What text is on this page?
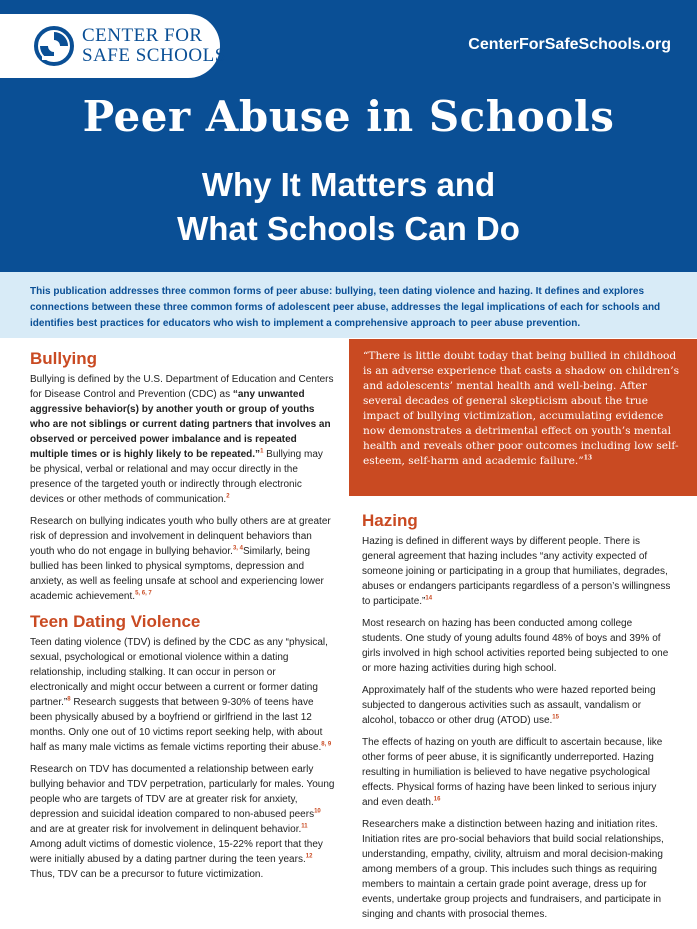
CENTER FOR
SAFE SCHOOLS
CenterForSafeSchools.org
Peer Abuse in Schools
Why It Matters and
What Schools Can Do
This publication addresses three common forms of peer abuse: bullying, teen dating violence and hazing. It defines and explores connections between these three common forms of adolescent peer abuse, addresses the legal implications of each for schools and identifies best practices for educators who wish to implement a comprehensive approach to peer abuse prevention.
Bullying

Bullying is defined by the U.S. Department of Education and Centers for Disease Control and Prevention (CDC) as “any unwanted aggressive behavior(s) by another youth or group of youths who are not siblings or current dating partners that involves an observed or perceived power imbalance and is repeated multiple times or is highly likely to be repeated.”$^1$ Bullying may be physical, verbal or relational and may occur directly in the presence of the targeted youth or indirectly through electronic devices or other methods of communication.$^2$

Research on bullying indicates youth who bully others are at greater risk of depression and involvement in delinquent behaviors than youth who do not engage in bullying behavior.$^{3, 4}$Similarly, being bullied has been linked to physical symptoms, depression and anxiety, as well as feeling unsafe at school and experiencing lower academic achievement.$^{5, 6, 7}$

Teen Dating Violence

Teen dating violence (TDV) is defined by the CDC as any “physical, sexual, psychological or emotional violence within a dating relationship, including stalking. It can occur in person or electronically and might occur between a current or former dating partner.”$^8$ Research suggests that between 9-30% of teens have been physically abused by a boyfriend or girlfriend in the last 12 months. Only one out of 10 victims report seeking help, with about half as many male victims as female victims reporting their abuse.$^{8, 9}$

Research on TDV has documented a relationship between early bullying behavior and TDV perpetration, particularly for males. Young people who are targets of TDV are at greater risk for anxiety, depression and suicidal ideation compared to non-abused peers$^{10}$ and are at greater risk for involvement in delinquent behavior.$^{11}$ Among adult victims of domestic violence, 15-22% report that they were initially abused by a dating partner during the teen years.$^{12}$ Thus, TDV can be a precursor to future victimization.

“There is little doubt today that being bullied in childhood is an adverse experience that casts a shadow on children’s and adolescents’ mental health and well-being. After several decades of general skepticism about the true impact of bullying victimization, accumulating evidence now demonstrates a detrimental effect on youth’s mental health and reveals other poor outcomes including low self-esteem, self-harm and academic failure.”$^{13}$
Hazing

Hazing is defined in different ways by different people. There is general agreement that hazing includes “any activity expected of someone joining or participating in a group that humiliates, degrades, abuses or endangers participants regardless of a person’s willingness to participate.”$^{14}$

Most research on hazing has been conducted among college students. One study of young adults found 48% of boys and 39% of girls involved in high school activities reported being subjected to one or more hazing activities during high school.

Approximately half of the students who were hazed reported being subjected to dangerous activities such as assault, vandalism or alcohol, tobacco or other drug (ATOD) use.$^{15}$

The effects of hazing on youth are difficult to ascertain because, like other forms of peer abuse, it is significantly underreported. Hazing resulting in humiliation is believed to have negative psychological effects. Physical forms of hazing have been linked to serious injury and even death.$^{16}$

Researchers make a distinction between hazing and initiation rites. Initiation rites are pro-social behaviors that build social relationships, understanding, empathy, civility, altruism and moral decision-making among members of a group. This includes such things as requiring members to maintain a certain grade point average, dress up for events, undertake group projects and fundraisers, and participate in singing and chants with prosocial themes.
